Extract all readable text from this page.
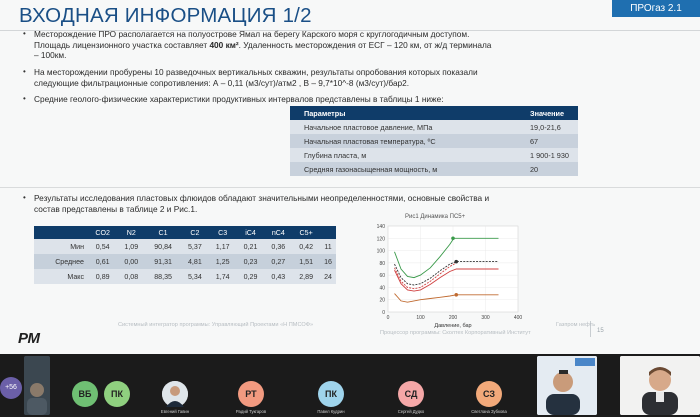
ВХОДНАЯ ИНФОРМАЦИЯ 1/2	ПРОгаз 2.1
• Месторождение ПРО располагается на полуострове Ямал на берегу Карского моря с круглогодичным доступом.
Площадь лицензионного участка составляет 400 км². Удаленность месторождения от ЕСГ – 120 км, от ж/д терминала
– 100км.
• На месторождении пробурены 10 разведочных вертикальных скважин, результаты опробования которых показали
следующие фильтрационные сопротивления: А – 0,11 (м3/сут)/атм2 , В – 9,7*10^-8 (м3/сут)/бар2.
• Средние геолого-физические характеристики продуктивных интервалов представлены в таблицы 1 ниже:
Параметры	Значение
Начальное пластовое давление, МПа	19,0-21,6
Начальная пластовая температура, ºС	67
Глубина пласта, м	1 900-1 930
Средняя газонасыщенная мощность, м	20
• Результаты исследования пластовых флюидов обладают значительными неопределенностями, основные свойства и
состав представлены в таблице 2 и Рис.1.
	CO2	N2	C1	C2	C3	iC4	nC4	C5+	
Мин	0,54	1,09	90,84	5,37	1,17	0,21	0,36	0,42	11
Среднее	0,61	0,00	91,31	4,81	1,25	0,23	0,27	1,51	16
Макс	0,89	0,08	88,35	5,34	1,74	0,29	0,43	2,89	24
Рис1 Динамика ПС5+
0
20
40
60
80
100
120
140
0	100	200	300	400
Давление, бар
Системный интегратор программы: Управляющий Проектами «Н ПМСОФ»
Процессор программы: Сколтех Корпоративный Институт
Газпром нефть
15
РМ
+56
ВБ	ПК
Евгений Гавин
РТ
Радий Тукгаров
ПК
Павел Кудрин
СД
Сергей Дудко
СЗ
Светлана Зубкова
